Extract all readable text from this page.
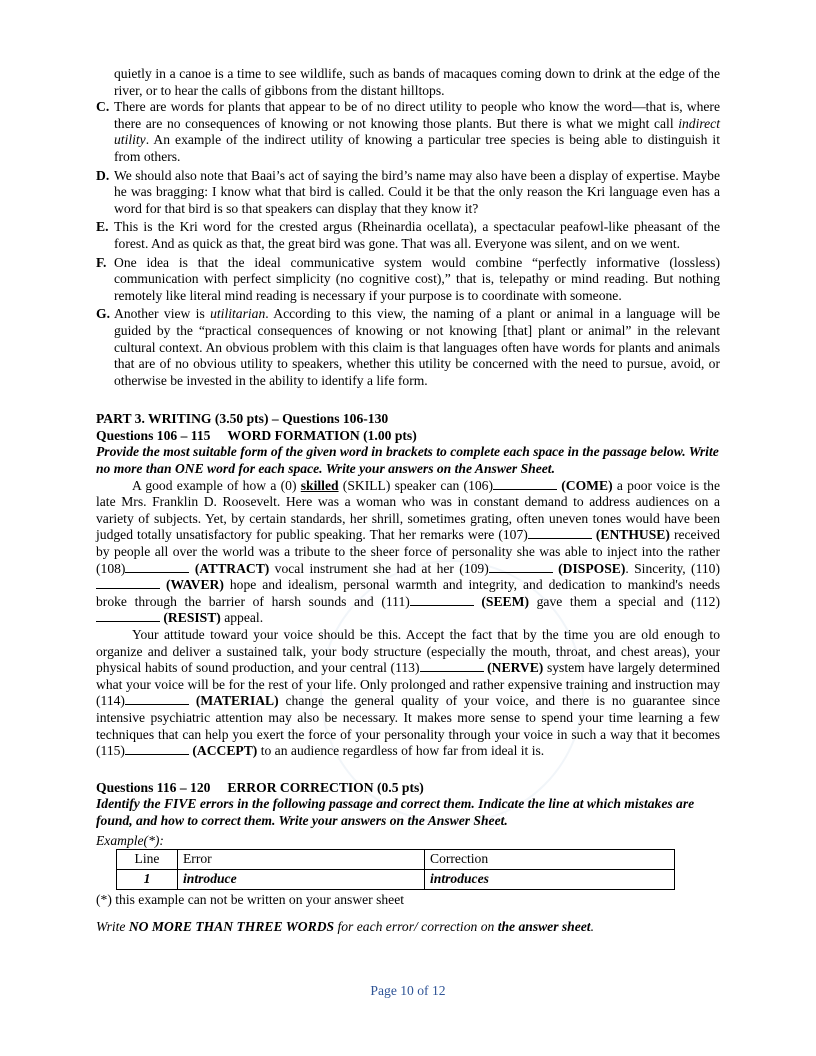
quietly in a canoe is a time to see wildlife, such as bands of macaques coming down to drink at the edge of the river, or to hear the calls of gibbons from the distant hilltops.
C. There are words for plants that appear to be of no direct utility to people who know the word—that is, where there are no consequences of knowing or not knowing those plants. But there is what we might call indirect utility. An example of the indirect utility of knowing a particular tree species is being able to distinguish it from others.
D. We should also note that Baai’s act of saying the bird’s name may also have been a display of expertise. Maybe he was bragging: I know what that bird is called. Could it be that the only reason the Kri language even has a word for that bird is so that speakers can display that they know it?
E. This is the Kri word for the crested argus (Rheinardia ocellata), a spectacular peafowl-like pheasant of the forest. And as quick as that, the great bird was gone. That was all. Everyone was silent, and on we went.
F. One idea is that the ideal communicative system would combine “perfectly informative (lossless) communication with perfect simplicity (no cognitive cost),” that is, telepathy or mind reading. But nothing remotely like literal mind reading is necessary if your purpose is to coordinate with someone.
G. Another view is utilitarian. According to this view, the naming of a plant or animal in a language will be guided by the “practical consequences of knowing or not knowing [that] plant or animal” in the relevant cultural context. An obvious problem with this claim is that languages often have words for plants and animals that are of no obvious utility to speakers, whether this utility be concerned with the need to pursue, avoid, or otherwise be invested in the ability to identify a life form.
PART 3. WRITING (3.50 pts) – Questions 106-130
Questions 106 – 115     WORD FORMATION (1.00 pts)
Provide the most suitable form of the given word in brackets to complete each space in the passage below. Write no more than ONE word for each space. Write your answers on the Answer Sheet.

A good example of how a (0) skilled (SKILL) speaker can (106)	(COME) a poor voice is the late Mrs. Franklin D. Roosevelt. Here was a woman who was in constant demand to address audiences on a variety of subjects. Yet, by certain standards, her shrill, sometimes grating, often uneven tones would have been judged totally unsatisfactory for public speaking. That her remarks were (107)	(ENTHUSE) received by people all over the world was a tribute to the sheer force of personality she was able to inject into the rather (108)	(ATTRACT) vocal instrument she had at her (109)	(DISPOSE). Sincerity, (110) (WAVER) hope and idealism, personal warmth and integrity, and dedication to mankind's needs broke through the barrier of harsh sounds and (111)	(SEEM) gave them a special and (112) (RESIST) appeal.

Your attitude toward your voice should be this. Accept the fact that by the time you are old enough to organize and deliver a sustained talk, your body structure (especially the mouth, throat, and chest areas), your physical habits of sound production, and your central (113)	(NERVE) system have largely determined what your voice will be for the rest of your life. Only prolonged and rather expensive training and instruction may (114)	(MATERIAL) change the general quality of your voice, and there is no guarantee since intensive psychiatric attention may also be necessary. It makes more sense to spend your time learning a few techniques that can help you exert the force of your personality through your voice in such a way that it becomes (115)	(ACCEPT) to an audience regardless of how far from ideal it is.

Questions 116 – 120     ERROR CORRECTION (0.5 pts)
Identify the FIVE errors in the following passage and correct them. Indicate the line at which mistakes are found, and how to correct them. Write your answers on the Answer Sheet.
Example(*):
Line	Error	Correction
1	introduce	introduces
(*) this example can not be written on your answer sheet
Write NO MORE THAN THREE WORDS for each error/ correction on the answer sheet.
Page 10 of 12
